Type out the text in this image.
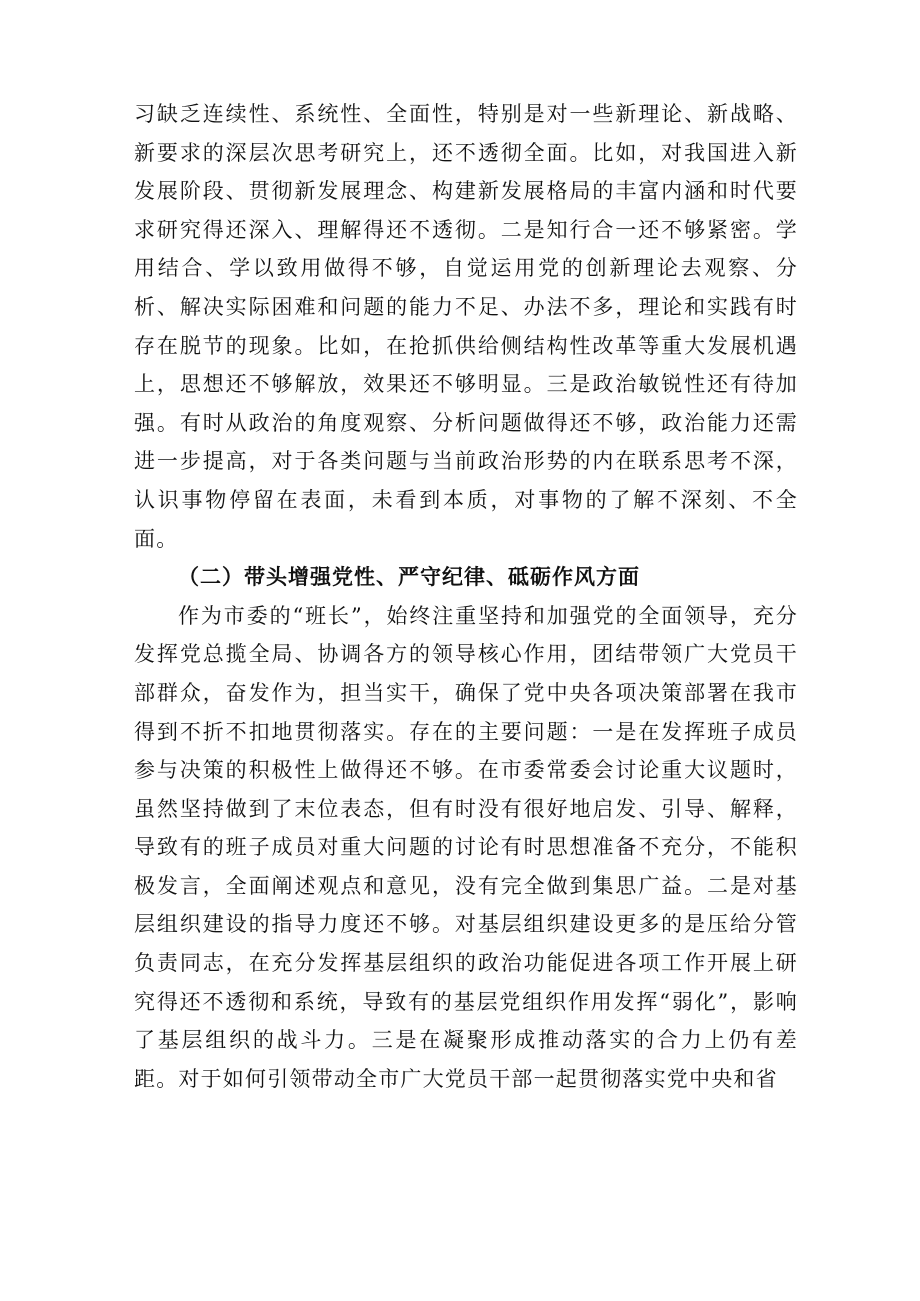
习缺乏连续性、系统性、全面性，特别是对一些新理论、新战略、新要求的深层次思考研究上，还不透彻全面。比如，对我国进入新发展阶段、贯彻新发展理念、构建新发展格局的丰富内涵和时代要求研究得还深入、理解得还不透彻。二是知行合一还不够紧密。学用结合、学以致用做得不够，自觉运用党的创新理论去观察、分析、解决实际困难和问题的能力不足、办法不多，理论和实践有时存在脱节的现象。比如，在抢抓供给侧结构性改革等重大发展机遇上，思想还不够解放，效果还不够明显。三是政治敏锐性还有待加强。有时从政治的角度观察、分析问题做得还不够，政治能力还需进一步提高，对于各类问题与当前政治形势的内在联系思考不深，认识事物停留在表面，未看到本质，对事物的了解不深刻、不全面。

（二）带头增强党性、严守纪律、砥砺作风方面

作为市委的“班长”，始终注重坚持和加强党的全面领导，充分发挥党总揽全局、协调各方的领导核心作用，团结带领广大党员干部群众，奋发作为，担当实干，确保了党中央各项决策部署在我市得到不折不扣地贯彻落实。存在的主要问题：一是在发挥班子成员参与决策的积极性上做得还不够。在市委常委会讨论重大议题时，虽然坚持做到了末位表态，但有时没有很好地启发、引导、解释，导致有的班子成员对重大问题的讨论有时思想准备不充分，不能积极发言，全面阐述观点和意见，没有完全做到集思广益。二是对基层组织建设的指导力度还不够。对基层组织建设更多的是压给分管负责同志，在充分发挥基层组织的政治功能促进各项工作开展上研究得还不透彻和系统，导致有的基层党组织作用发挥“弱化”，影响了基层组织的战斗力。三是在凝聚形成推动落实的合力上仍有差距。对于如何引领带动全市广大党员干部一起贯彻落实党中央和省
